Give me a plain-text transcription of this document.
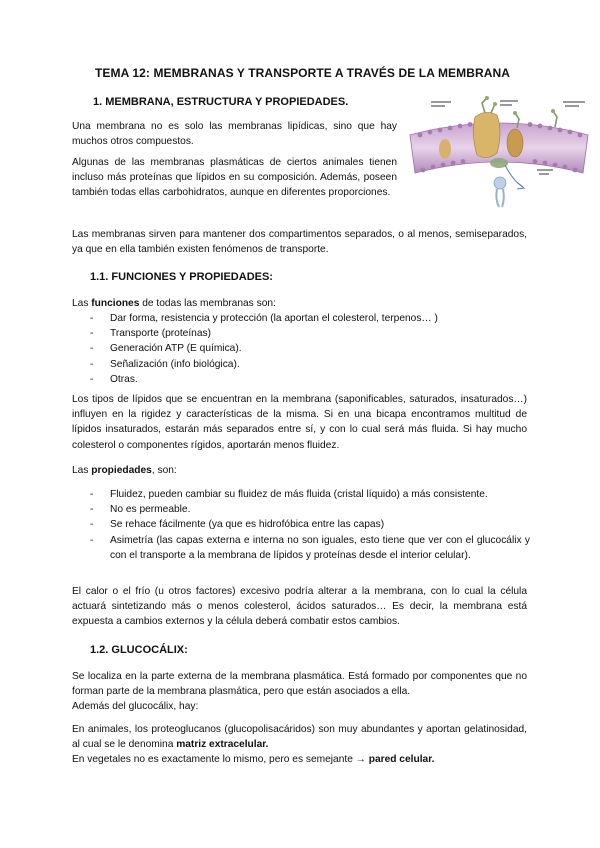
TEMA 12: MEMBRANAS Y TRANSPORTE A TRAVÉS DE LA MEMBRANA
1. MEMBRANA, ESTRUCTURA Y PROPIEDADES.

Una membrana no es solo las membranas lipídicas, sino que hay muchos otros compuestos.

Algunas de las membranas plasmáticas de ciertos animales tienen incluso más proteínas que lípidos en su composición. Además, poseen también todas ellas carbohidratos, aunque en diferentes proporciones.

Las membranas sirven para mantener dos compartimentos separados, o al menos, semiseparados, ya que en ella también existen fenómenos de transporte.

1.1. FUNCIONES Y PROPIEDADES:

Las funciones de todas las membranas son:

- Dar forma, resistencia y protección (la aportan el colesterol, terpenos… )
- Transporte (proteínas)
- Generación ATP (E química).
- Señalización (info biológica).
- Otras.

Los tipos de lípidos que se encuentran en la membrana (saponificables, saturados, insaturados…) influyen en la rigidez y características de la misma. Si en una bicapa encontramos multitud de lípidos insaturados, estarán más separados entre sí, y con lo cual será más fluida. Si hay mucho colesterol o componentes rígidos, aportarán menos fluidez.

Las propiedades, son:

- Fluidez, pueden cambiar su fluidez de más fluida (cristal líquido) a más consistente.
- No es permeable.
- Se rehace fácilmente (ya que es hidrofóbica entre las capas)
- Asimetría (las capas externa e interna no son iguales, esto tiene que ver con el glucocálix y con el transporte a la membrana de lípidos y proteínas desde el interior celular).

El calor o el frío (u otros factores) excesivo podría alterar a la membrana, con lo cual la célula actuará sintetizando más o menos colesterol, ácidos saturados… Es decir, la membrana está expuesta a cambios externos y la célula deberá combatir estos cambios.

1.2. GLUCOCÁLIX:

Se localiza en la parte externa de la membrana plasmática. Está formado por componentes que no forman parte de la membrana plasmática, pero que están asociados a ella.

Además del glucocálix, hay:

En animales, los proteoglucanos (glucopolisacáridos) son muy abundantes y aportan gelatinosidad, al cual se le denomina matriz extracelular.

En vegetales no es exactamente lo mismo, pero es semejante → pared celular.
